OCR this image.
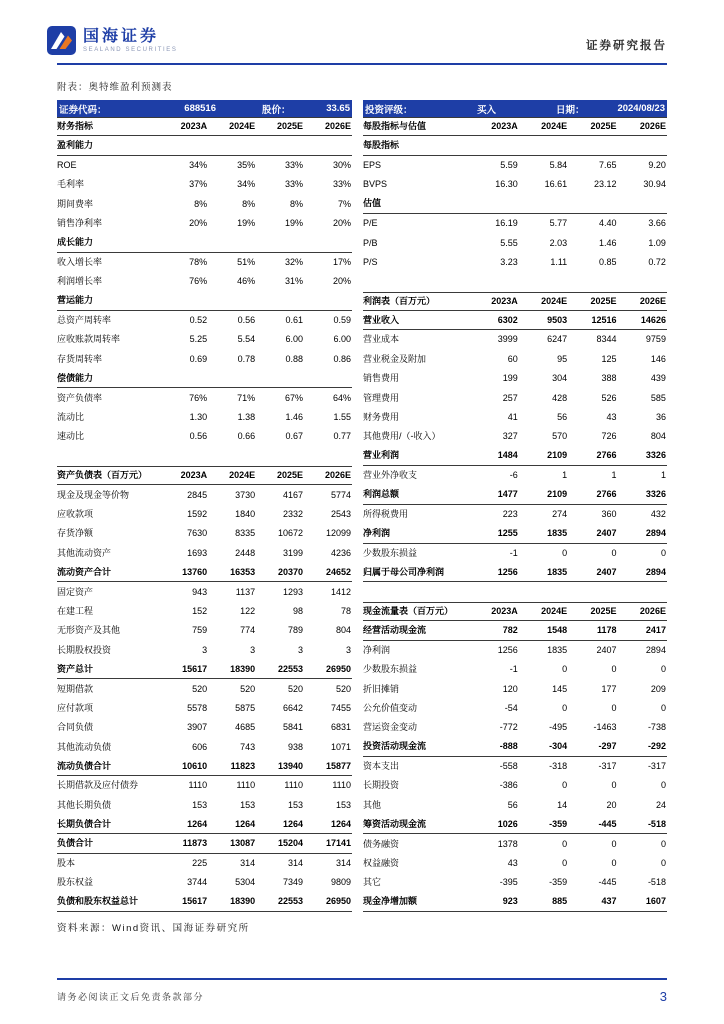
国海证券
SEALAND SECURITIES	证券研究报告
附表：奥特维盈利预测表
证券代码：	688516	股价：	33.65 投资评级：	买入	日期：	2024/08/23
财务指标	2023A	2024E	2025E	2026E
盈利能力
ROE	34%	35%	33%	30%
毛利率	37%	34%	33%	33%
期间费率	8%	8%	8%	7%
销售净利率	20%	19%	19%	20%
成长能力
收入增长率	78%	51%	32%	17%
利润增长率	76%	46%	31%	20%
营运能力
总资产周转率	0.52	0.56	0.61	0.59
应收账款周转率	5.25	5.54	6.00	6.00
存货周转率	0.69	0.78	0.88	0.86
偿债能力
资产负债率	76%	71%	67%	64%
流动比	1.30	1.38	1.46	1.55
速动比	0.56	0.66	0.67	0.77
资产负债表（百万元）	2023A	2024E	2025E	2026E
现金及现金等价物	2845	3730	4167	5774
应收款项	1592	1840	2332	2543
存货净额	7630	8335	10672	12099
其他流动资产	1693	2448	3199	4236
流动资产合计	13760	16353	20370	24652
固定资产	943	1137	1293	1412
在建工程	152	122	98	78
无形资产及其他	759	774	789	804
长期股权投资	3	3	3	3
资产总计	15617	18390	22553	26950
短期借款	520	520	520	520
应付款项	5578	5875	6642	7455
合同负债	3907	4685	5841	6831
其他流动负债	606	743	938	1071
流动负债合计	10610	11823	13940	15877
长期借款及应付债券	1110	1110	1110	1110
其他长期负债	153	153	153	153
长期负债合计	1264	1264	1264	1264
负债合计	11873	13087	15204	17141
股本	225	314	314	314
股东权益	3744	5304	7349	9809
负债和股东权益总计	15617	18390	22553	26950
每股指标与估值	2023A	2024E	2025E	2026E
每股指标
EPS	5.59	5.84	7.65	9.20
BVPS	16.30	16.61	23.12	30.94
估值
P/E	16.19	5.77	4.40	3.66
P/B	5.55	2.03	1.46	1.09
P/S	3.23	1.11	0.85	0.72
利润表（百万元）	2023A	2024E	2025E	2026E
营业收入	6302	9503	12516	14626
营业成本	3999	6247	8344	9759
营业税金及附加	60	95	125	146
销售费用	199	304	388	439
管理费用	257	428	526	585
财务费用	41	56	43	36
其他费用/（-收入）	327	570	726	804
营业利润	1484	2109	2766	3326
营业外净收支	-6	1	1	1
利润总额	1477	2109	2766	3326
所得税费用	223	274	360	432
净利润	1255	1835	2407	2894
少数股东损益	-1	0	0	0
归属于母公司净利润	1256	1835	2407	2894
现金流量表（百万元）	2023A	2024E	2025E	2026E
经营活动现金流	782	1548	1178	2417
净利润	1256	1835	2407	2894
少数股东损益	-1	0	0	0
折旧摊销	120	145	177	209
公允价值变动	-54	0	0	0
营运资金变动	-772	-495	-1463	-738
投资活动现金流	-888	-304	-297	-292
资本支出	-558	-318	-317	-317
长期投资	-386	0	0	0
其他	56	14	20	24
筹资活动现金流	1026	-359	-445	-518
债务融资	1378	0	0	0
权益融资	43	0	0	0
其它	-395	-359	-445	-518
现金净增加额	923	885	437	1607
资料来源：Wind资讯、国海证券研究所
请务必阅读正文后免责条款部分	3
